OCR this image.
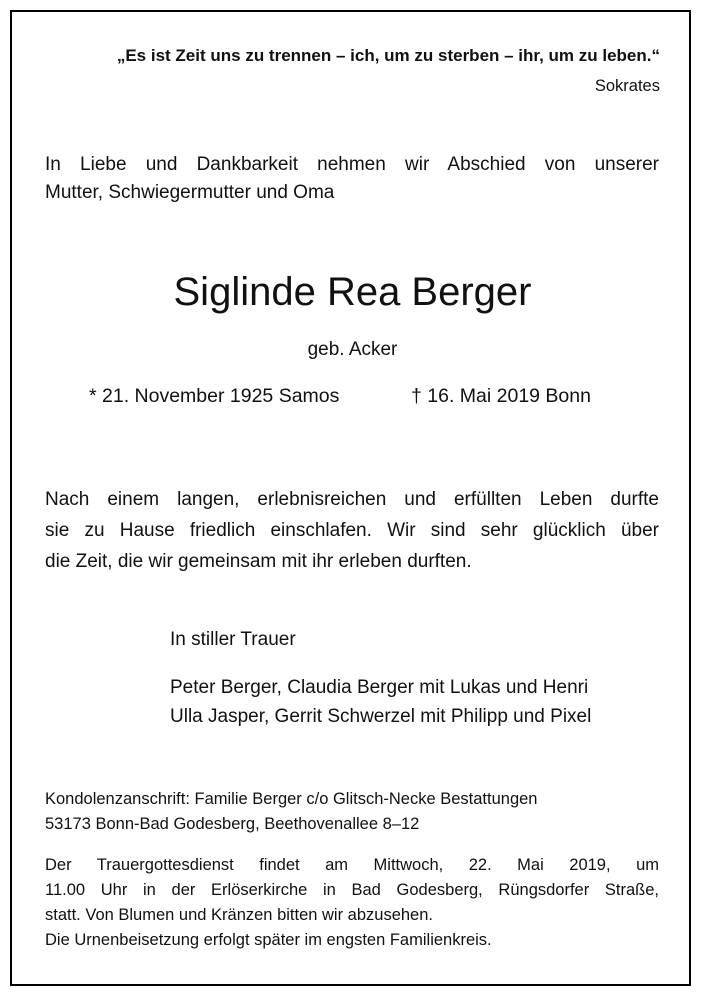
„Es ist Zeit uns zu trennen – ich, um zu sterben – ihr, um zu leben.“
Sokrates
In Liebe und Dankbarkeit nehmen wir Abschied von unserer
Mutter, Schwiegermutter und Oma
Siglinde Rea Berger
geb. Acker
* 21. November 1925 Samos	† 16. Mai 2019 Bonn
Nach einem langen, erlebnisreichen und erfüllten Leben durfte
sie zu Hause friedlich einschlafen. Wir sind sehr glücklich über
die Zeit, die wir gemeinsam mit ihr erleben durften.
In stiller Trauer
Peter Berger, Claudia Berger mit Lukas und Henri
Ulla Jasper, Gerrit Schwerzel mit Philipp und Pixel
Kondolenzanschrift: Familie Berger c/o Glitsch-Necke Bestattungen
53173 Bonn-Bad Godesberg, Beethovenallee 8–12
Der Trauergottesdienst findet am Mittwoch, 22. Mai 2019, um
11.00 Uhr in der Erlöserkirche in Bad Godesberg, Rüngsdorfer Straße,
statt. Von Blumen und Kränzen bitten wir abzusehen.
Die Urnenbeisetzung erfolgt später im engsten Familienkreis.
